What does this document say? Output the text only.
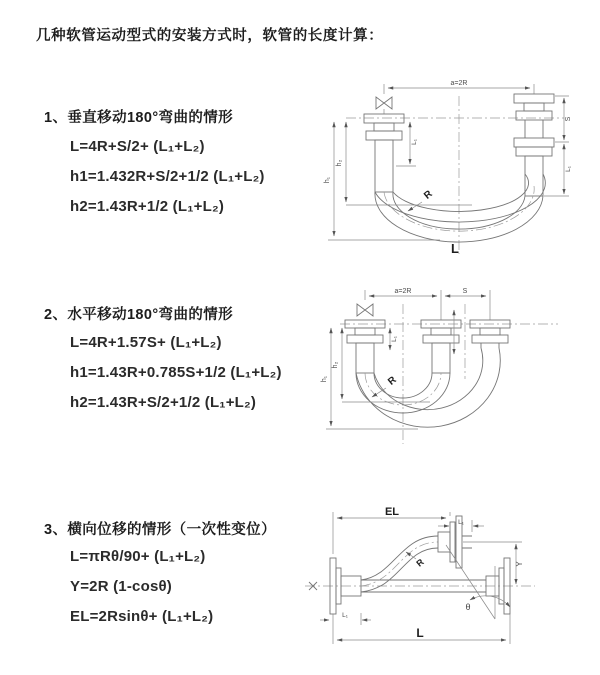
几种软管运动型式的安装方式时，软管的长度计算：
1、垂直移动180°弯曲的情形
L=4R+S/2+ (L₁+L₂)
h1=1.432R+S/2+1/2 (L₁+L₂)
h2=1.43R+1/2 (L₁+L₂)
a=2R
h₁
h₂
L₁
S
L₁
R
L
2、水平移动180°弯曲的情形
L=4R+1.57S+ (L₁+L₂)
h1=1.43R+0.785S+1/2 (L₁+L₂)
h2=1.43R+S/2+1/2 (L₁+L₂)
a=2R	S
h₁
h₂
L₁
R
3、横向位移的情形（一次性变位）
L=πRθ/90+ (L₁+L₂)
Y=2R (1-cosθ)
EL=2Rsinθ+ (L₁+L₂)
EL
L₁
Y
θ
R
L₁
L
